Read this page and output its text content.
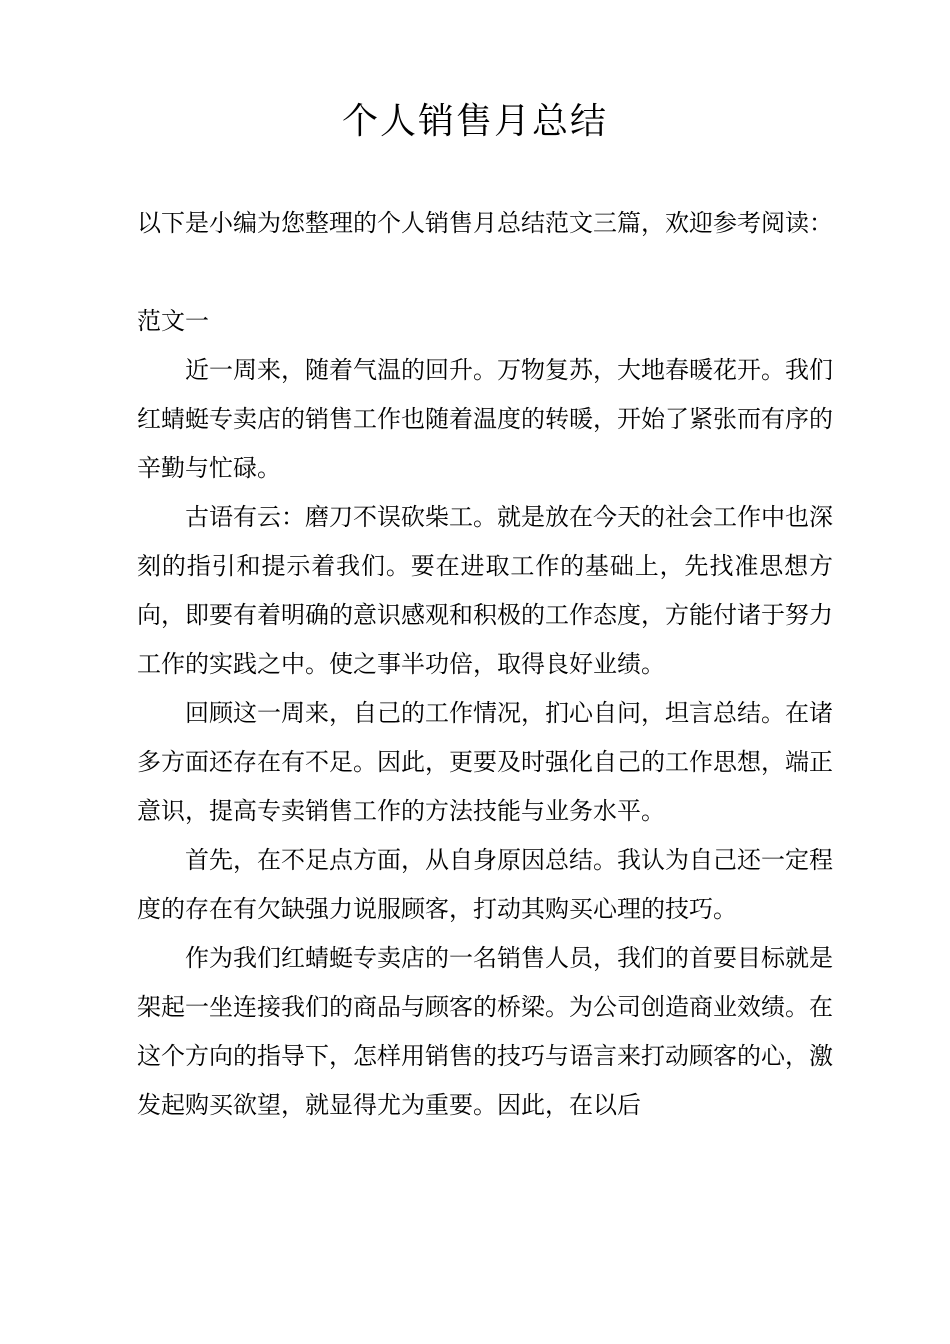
个人销售月总结

以下是小编为您整理的个人销售月总结范文三篇，欢迎参考阅读：

范文一

近一周来，随着气温的回升。万物复苏，大地春暖花开。我们红蜻蜓专卖店的销售工作也随着温度的转暖，开始了紧张而有序的辛勤与忙碌。

古语有云：磨刀不误砍柴工。就是放在今天的社会工作中也深刻的指引和提示着我们。要在进取工作的基础上，先找准思想方向，即要有着明确的意识感观和积极的工作态度，方能付诸于努力工作的实践之中。使之事半功倍，取得良好业绩。

回顾这一周来，自己的工作情况，扪心自问，坦言总结。在诸多方面还存在有不足。因此，更要及时强化自己的工作思想，端正意识，提高专卖销售工作的方法技能与业务水平。

首先，在不足点方面，从自身原因总结。我认为自己还一定程度的存在有欠缺强力说服顾客，打动其购买心理的技巧。

作为我们红蜻蜓专卖店的一名销售人员，我们的首要目标就是架起一坐连接我们的商品与顾客的桥梁。为公司创造商业效绩。在这个方向的指导下，怎样用销售的技巧与语言来打动顾客的心，激发起购买欲望，就显得尤为重要。因此，在以后
